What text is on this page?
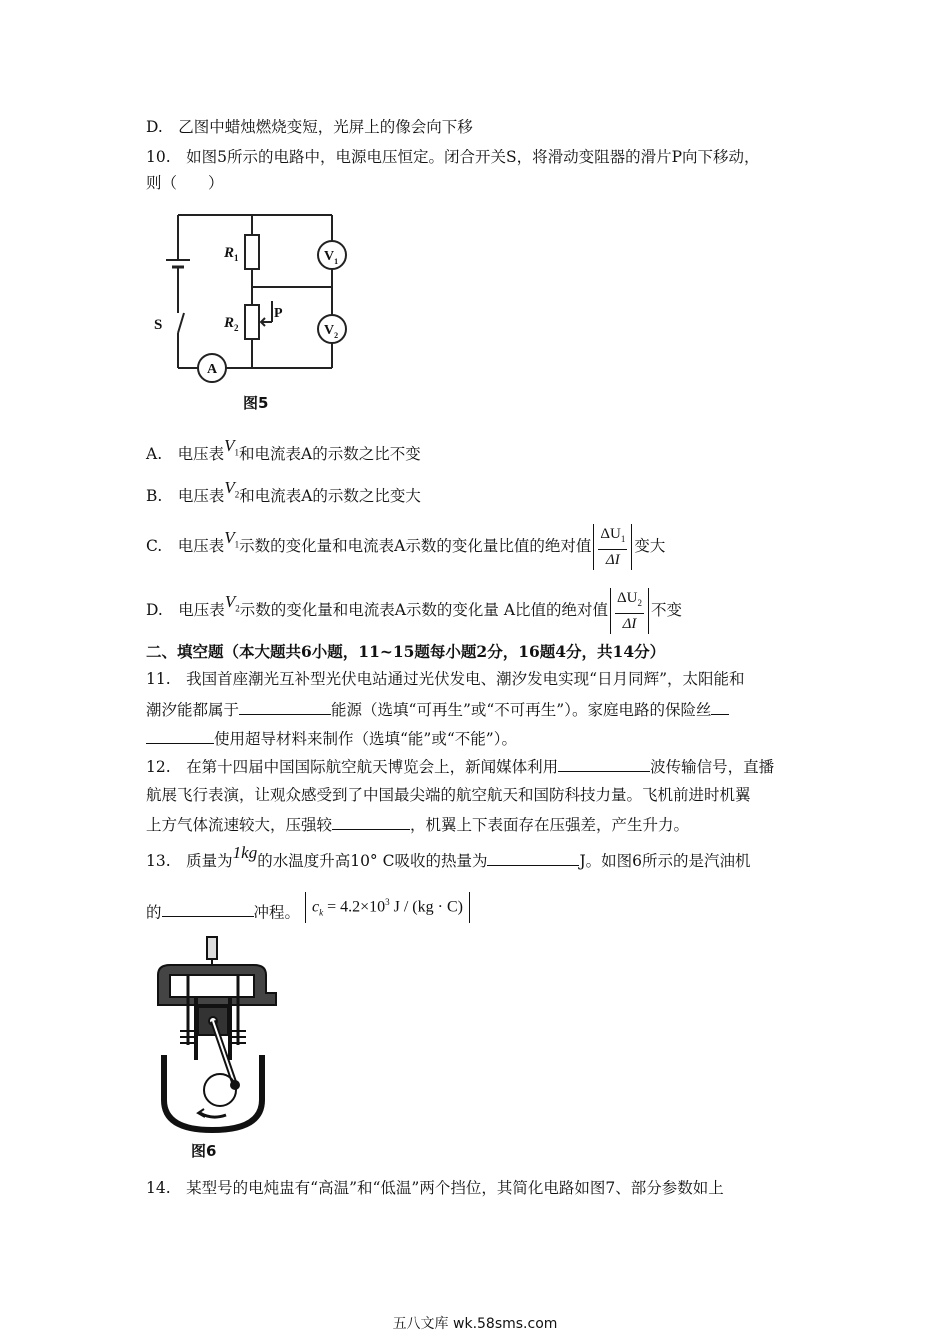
D.　乙图中蜡烛燃烧变短，光屏上的像会向下移
10.　如图5所示的电路中，电源电压恒定。闭合开关S，将滑动变阻器的滑片P向下移动，
则（　　）
$R_1$
$R_2$
$V_1$
$V_2$
A
P
S
图5
A.　电压表$V_1$和电流表A的示数之比不变
B.　电压表$V_2$和电流表A的示数之比变大
C.　电压表$V_1$示数的变化量和电流表A示数的变化量比值的绝对值 $\frac{\Delta U_1}{\Delta I}$ 变大
D.　电压表$V_2$示数的变化量和电流表A示数的变化量 A比值的绝对值 $\frac{\Delta U_2}{\Delta I}$ 不变
二、填空题（本大题共6小题，11~15题每小题2分，16题4分，共14分）
11.　我国首座潮光互补型光伏电站通过光伏发电、潮汐发电实现“日月同辉”，太阳能和
潮汐能都属于	能源（选填“可再生”或“不可再生”）。家庭电路的保险丝
使用超导材料来制作（选填“能”或“不能”）。
12.　在第十四届中国国际航空航天博览会上，新闻媒体利用	波传输信号，直播
航展飞行表演，让观众感受到了中国最尖端的航空航天和国防科技力量。飞机前进时机翼
上方气体流速较大，压强较	，机翼上下表面存在压强差，产生升力。
13.　质量为1kg的水温度升高10° C吸收的热量为	J。如图6所示的是汽油机
的	冲程。 $c_k = 4.2\times 10^3$ J / (kg · C)
图6
14.　某型号的电炖盅有“高温”和“低温”两个挡位，其简化电路如图7、部分参数如上
五八文库 wk.58sms.com
